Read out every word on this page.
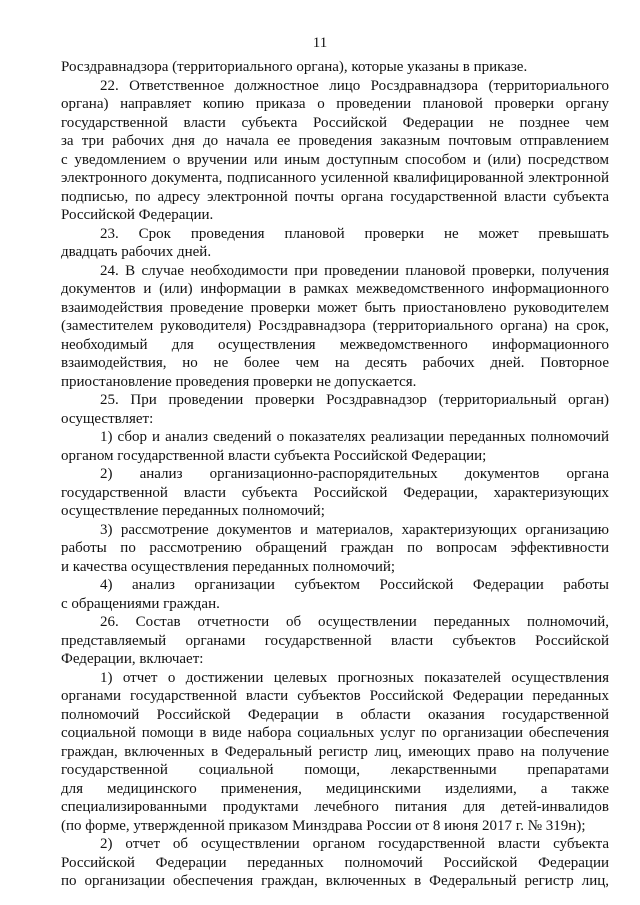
11
Росздравнадзора (территориального органа), которые указаны в приказе.
22. Ответственное должностное лицо Росздравнадзора (территориального
органа) направляет копию приказа о проведении плановой проверки органу
государственной власти субъекта Российской Федерации не позднее чем
за три рабочих дня до начала ее проведения заказным почтовым отправлением
с уведомлением о вручении или иным доступным способом и (или) посредством
электронного документа, подписанного усиленной квалифицированной электронной
подписью, по адресу электронной почты органа государственной власти субъекта
Российской Федерации.
23. Срок проведения плановой проверки не может превышать
двадцать рабочих дней.
24. В случае необходимости при проведении плановой проверки, получения
документов и (или) информации в рамках межведомственного информационного
взаимодействия проведение проверки может быть приостановлено руководителем
(заместителем руководителя) Росздравнадзора (территориального органа) на срок,
необходимый для осуществления межведомственного информационного
взаимодействия, но не более чем на десять рабочих дней. Повторное
приостановление проведения проверки не допускается.
25. При проведении проверки Росздравнадзор (территориальный орган)
осуществляет:
1) сбор и анализ сведений о показателях реализации переданных полномочий
органом государственной власти субъекта Российской Федерации;
2) анализ организационно-распорядительных документов органа
государственной власти субъекта Российской Федерации, характеризующих
осуществление переданных полномочий;
3) рассмотрение документов и материалов, характеризующих организацию
работы по рассмотрению обращений граждан по вопросам эффективности
и качества осуществления переданных полномочий;
4) анализ организации субъектом Российской Федерации работы
с обращениями граждан.
26. Состав отчетности об осуществлении переданных полномочий,
представляемый органами государственной власти субъектов Российской
Федерации, включает:
1) отчет о достижении целевых прогнозных показателей осуществления
органами государственной власти субъектов Российской Федерации переданных
полномочий Российской Федерации в области оказания государственной
социальной помощи в виде набора социальных услуг по организации обеспечения
граждан, включенных в Федеральный регистр лиц, имеющих право на получение
государственной социальной помощи, лекарственными препаратами
для медицинского применения, медицинскими изделиями, а также
специализированными продуктами лечебного питания для детей-инвалидов
(по форме, утвержденной приказом Минздрава России от 8 июня 2017 г. № 319н);
2) отчет об осуществлении органом государственной власти субъекта
Российской Федерации переданных полномочий Российской Федерации
по организации обеспечения граждан, включенных в Федеральный регистр лиц,
